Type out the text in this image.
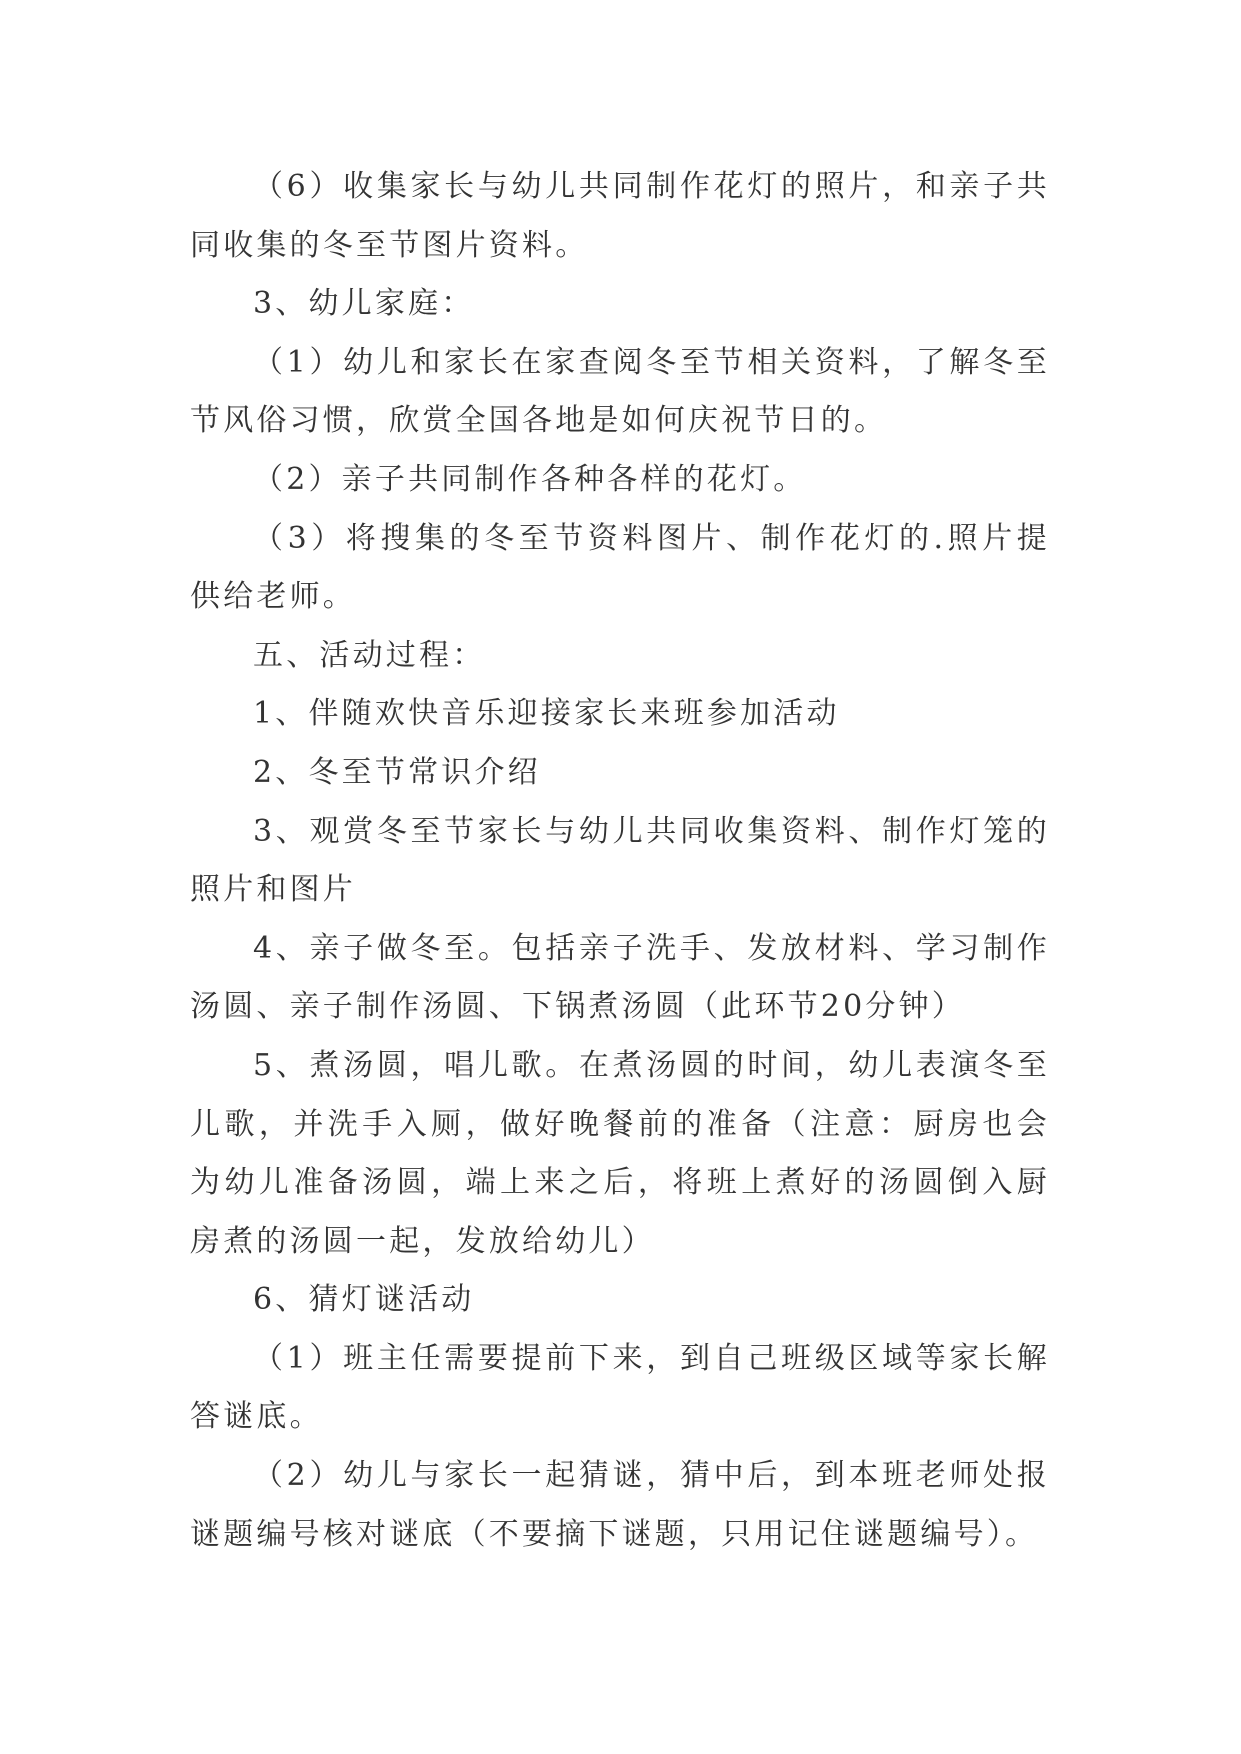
（6）收集家长与幼儿共同制作花灯的照片，和亲子共同收集的冬至节图片资料。

3、幼儿家庭：

（1）幼儿和家长在家查阅冬至节相关资料，了解冬至节风俗习惯，欣赏全国各地是如何庆祝节日的。

（2）亲子共同制作各种各样的花灯。

（3）将搜集的冬至节资料图片、制作花灯的.照片提供给老师。

五、活动过程：

1、伴随欢快音乐迎接家长来班参加活动

2、冬至节常识介绍

3、观赏冬至节家长与幼儿共同收集资料、制作灯笼的照片和图片

4、亲子做冬至。包括亲子洗手、发放材料、学习制作汤圆、亲子制作汤圆、下锅煮汤圆（此环节20分钟）

5、煮汤圆，唱儿歌。在煮汤圆的时间，幼儿表演冬至儿歌，并洗手入厕，做好晚餐前的准备（注意：厨房也会为幼儿准备汤圆，端上来之后，将班上煮好的汤圆倒入厨房煮的汤圆一起，发放给幼儿）

6、猜灯谜活动

（1）班主任需要提前下来，到自己班级区域等家长解答谜底。

（2）幼儿与家长一起猜谜，猜中后，到本班老师处报谜题编号核对谜底（不要摘下谜题，只用记住谜题编号）。
